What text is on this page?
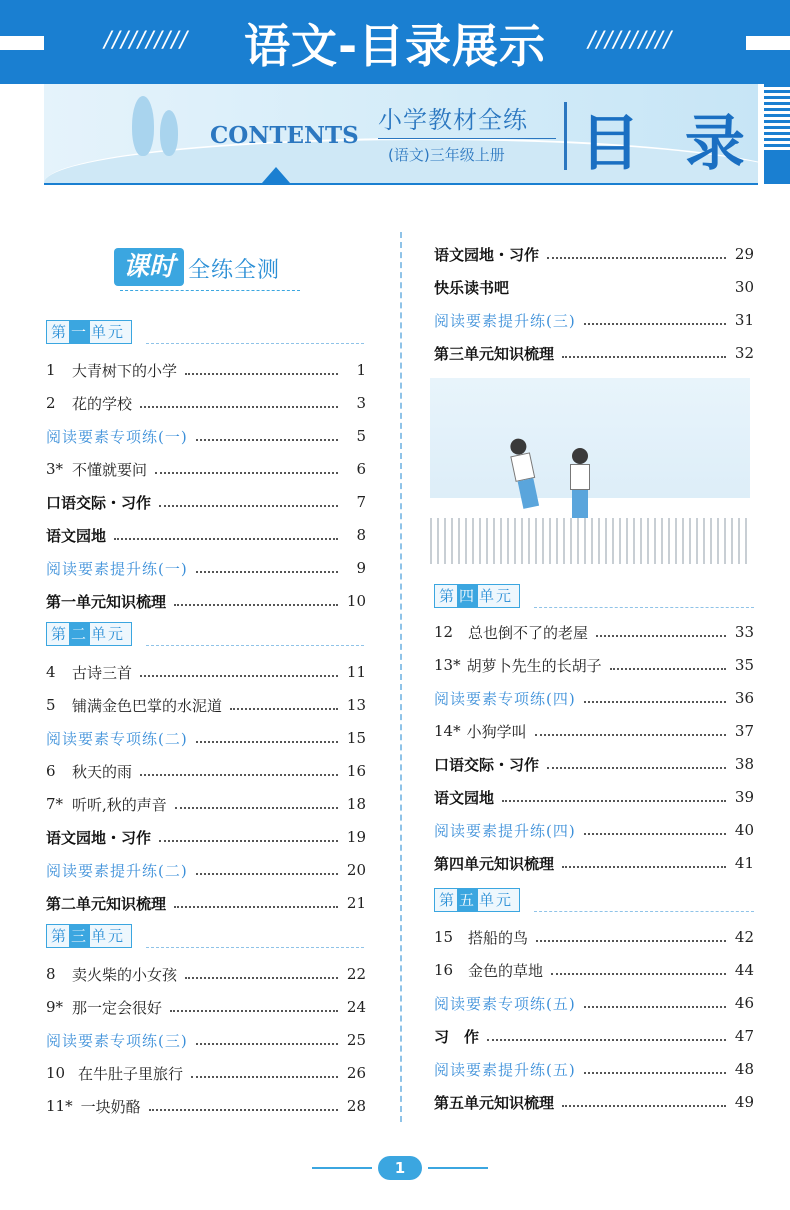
//////////	语文-目录展示	//////////
CONTENTS
小学教材全练
(语文)三年级上册 目 录
课时 全练全测
第 一 单元
1	大青树下的小学	1
2	花的学校	3
阅读要素专项练(一)	5
3* 不懂就要问	6
口语交际・习作	7
语文园地	8
阅读要素提升练(一)	9
第一单元知识梳理	10
第 二 单元
4	古诗三首	11
5	铺满金色巴掌的水泥道	13
阅读要素专项练(二)	15
6	秋天的雨	16
7* 听听,秋的声音	18
语文园地・习作	19
阅读要素提升练(二)	20
第二单元知识梳理	21
第 三 单元
8	卖火柴的小女孩	22
9* 那一定会很好	24
阅读要素专项练(三)	25
10 在牛肚子里旅行	26
11* 一块奶酪	28
语文园地・习作	29
快乐读书吧	30
阅读要素提升练(三)	31
第三单元知识梳理	32
第 四 单元
12 总也倒不了的老屋	33
13* 胡萝卜先生的长胡子	35
阅读要素专项练(四)	36
14* 小狗学叫	37
口语交际・习作	38
语文园地	39
阅读要素提升练(四)	40
第四单元知识梳理	41
第 五 单元
15 搭船的鸟	42
16 金色的草地	44
阅读要素专项练(五)	46
习　作	47
阅读要素提升练(五)	48
第五单元知识梳理	49
1
